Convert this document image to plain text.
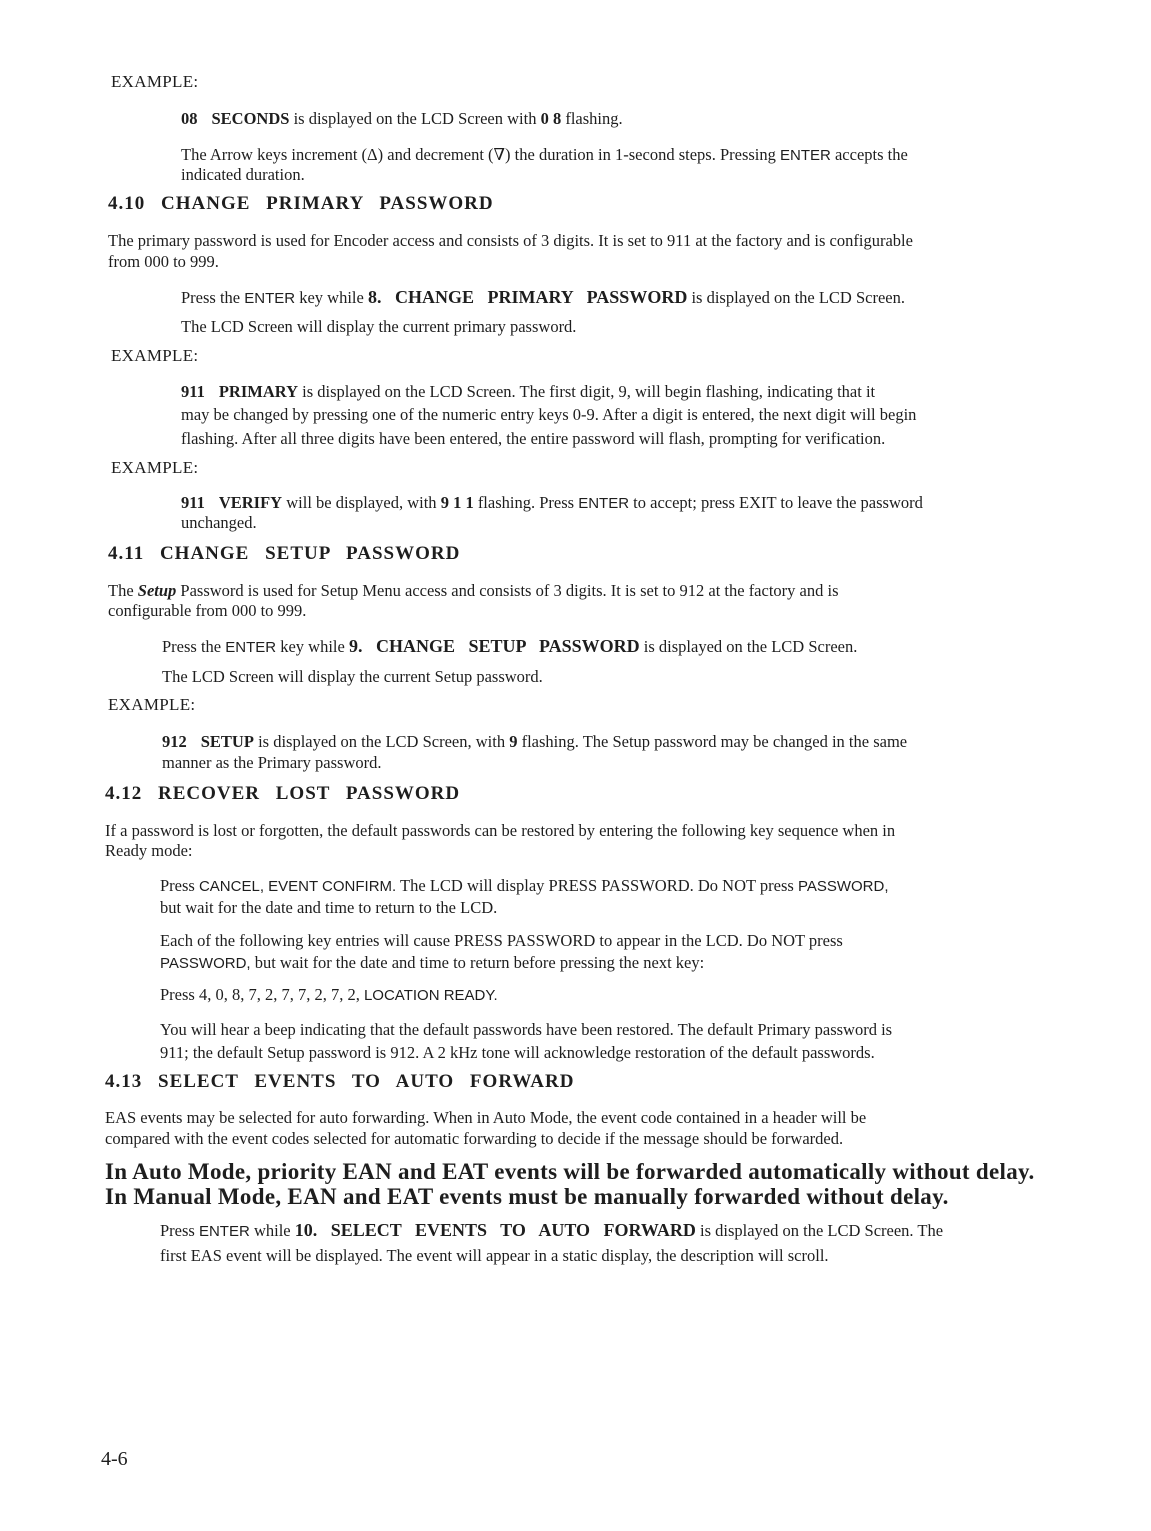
EXAMPLE:
08 SECONDS is displayed on the LCD Screen with 0 8 flashing.
The Arrow keys increment (Δ) and decrement (∇) the duration in 1-second steps. Pressing ENTER accepts the
indicated duration.
4.10 CHANGE PRIMARY PASSWORD
The primary password is used for Encoder access and consists of 3 digits. It is set to 911 at the factory and is configurable
from 000 to 999.
Press the ENTER key while 8.   CHANGE   PRIMARY   PASSWORD is displayed on the LCD Screen.
The LCD Screen will display the current primary password.
EXAMPLE:
911 PRIMARY is displayed on the LCD Screen. The first digit, 9, will begin flashing, indicating that it
may be changed by pressing one of the numeric entry keys 0-9. After a digit is entered, the next digit will begin
flashing. After all three digits have been entered, the entire password will flash, prompting for verification.
EXAMPLE:
911 VERIFY will be displayed, with 9 1 1 flashing. Press ENTER to accept; press EXIT to leave the password
unchanged.
4.11 CHANGE SETUP PASSWORD
The Setup Password is used for Setup Menu access and consists of 3 digits. It is set to 912 at the factory and is
configurable from 000 to 999.
Press the ENTER key while 9.   CHANGE   SETUP   PASSWORD is displayed on the LCD Screen.
The LCD Screen will display the current Setup password.
EXAMPLE:
912 SETUP is displayed on the LCD Screen, with 9 flashing. The Setup password may be changed in the same
manner as the Primary password.
4.12 RECOVER LOST PASSWORD
If a password is lost or forgotten, the default passwords can be restored by entering the following key sequence when in
Ready mode:
Press CANCEL, EVENT CONFIRM. The LCD will display PRESS PASSWORD. Do NOT press PASSWORD,
but wait for the date and time to return to the LCD.
Each of the following key entries will cause PRESS PASSWORD to appear in the LCD. Do NOT press
PASSWORD, but wait for the date and time to return before pressing the next key:
Press 4, 0, 8, 7, 2, 7, 7, 2, 7, 2, LOCATION READY.
You will hear a beep indicating that the default passwords have been restored. The default Primary password is
911; the default Setup password is 912. A 2 kHz tone will acknowledge restoration of the default passwords.
4.13 SELECT EVENTS TO AUTO FORWARD
EAS events may be selected for auto forwarding. When in Auto Mode, the event code contained in a header will be
compared with the event codes selected for automatic forwarding to decide if the message should be forwarded.
In Auto Mode, priority EAN and EAT events will be forwarded automatically without delay.
In Manual Mode, EAN and EAT events must be manually forwarded without delay.
Press ENTER while 10.   SELECT   EVENTS   TO   AUTO   FORWARD is displayed on the LCD Screen. The
first EAS event will be displayed. The event will appear in a static display, the description will scroll.
4-6
